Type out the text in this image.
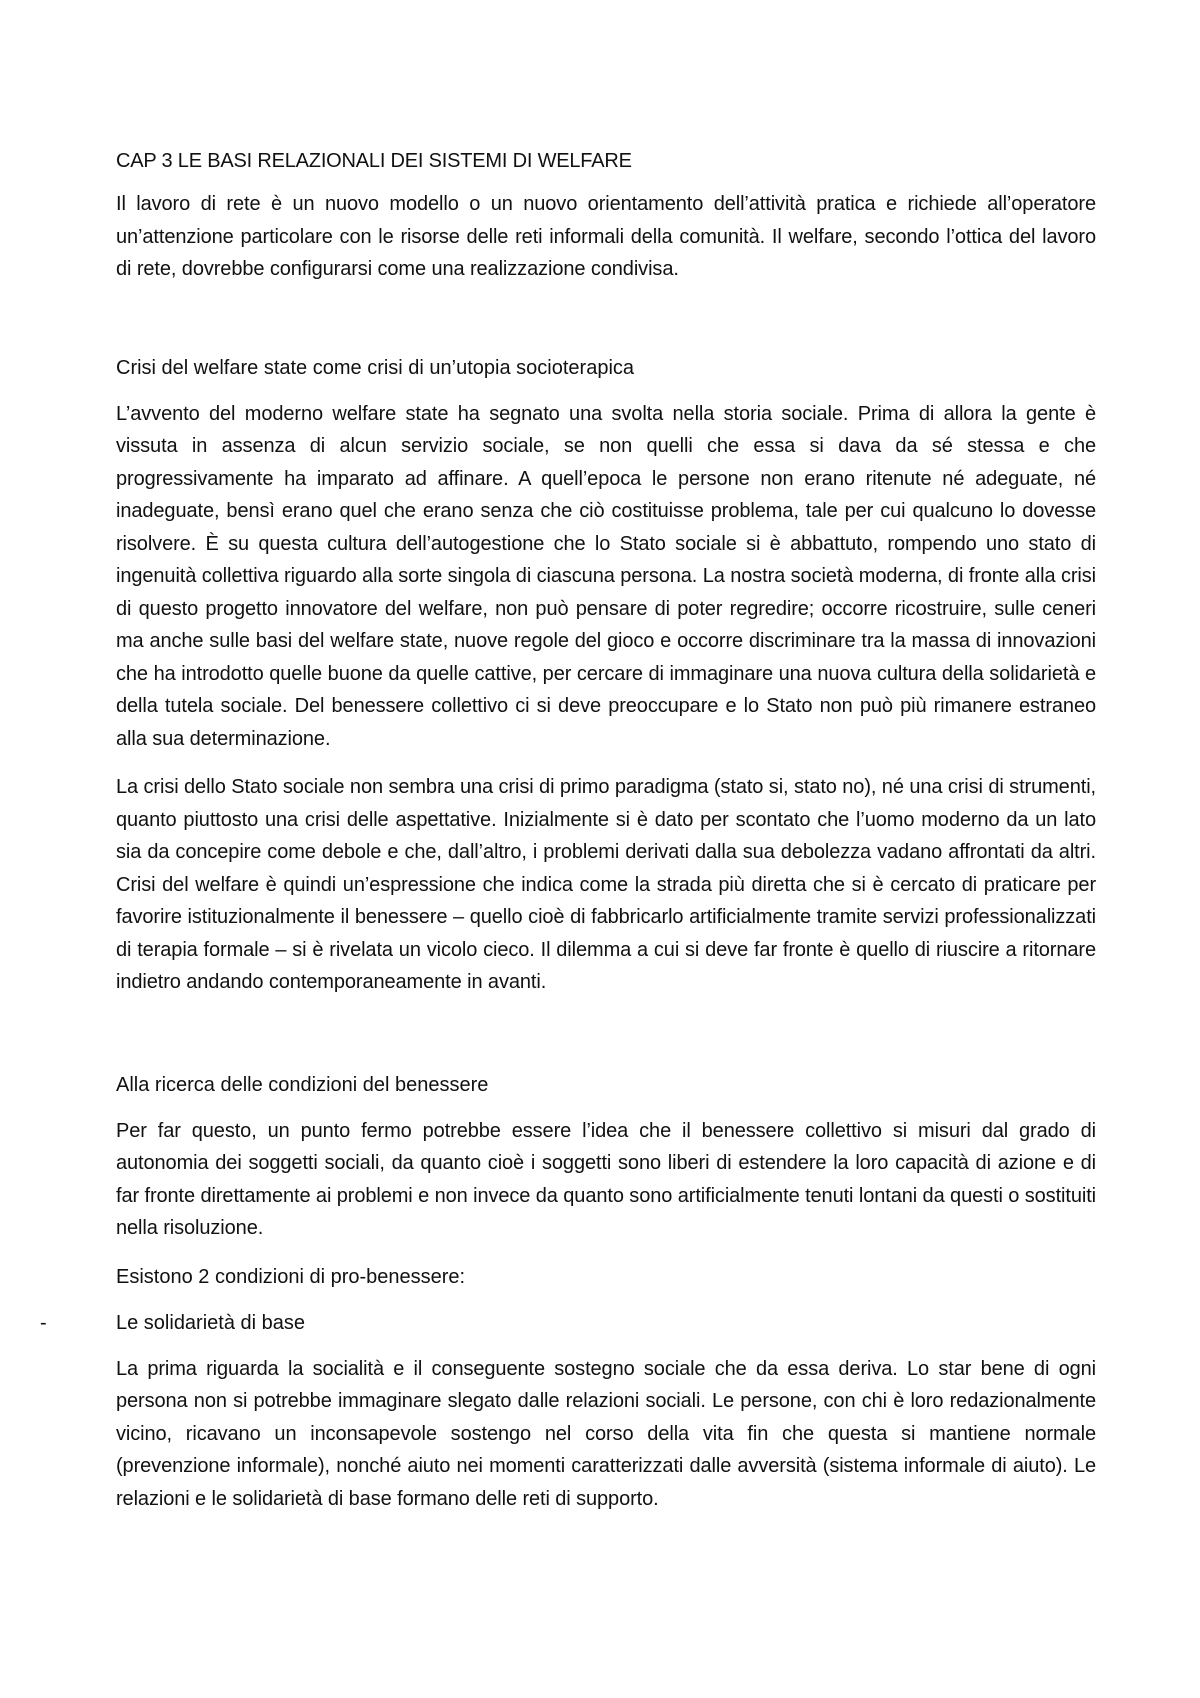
CAP 3 LE BASI RELAZIONALI DEI SISTEMI DI WELFARE

Il lavoro di rete è un nuovo modello o un nuovo orientamento dell’attività pratica e richiede all’operatore un’attenzione particolare con le risorse delle reti informali della comunità. Il welfare, secondo l’ottica del lavoro di rete, dovrebbe configurarsi come una realizzazione condivisa.

Crisi del welfare state come crisi di un’utopia socioterapica

L’avvento del moderno welfare state ha segnato una svolta nella storia sociale. Prima di allora la gente è vissuta in assenza di alcun servizio sociale, se non quelli che essa si dava da sé stessa e che progressivamente ha imparato ad affinare. A quell’epoca le persone non erano ritenute né adeguate, né inadeguate, bensì erano quel che erano senza che ciò costituisse problema, tale per cui qualcuno lo dovesse risolvere. È su questa cultura dell’autogestione che lo Stato sociale si è abbattuto, rompendo uno stato di ingenuità collettiva riguardo alla sorte singola di ciascuna persona. La nostra società moderna, di fronte alla crisi di questo progetto innovatore del welfare, non può pensare di poter regredire; occorre ricostruire, sulle ceneri ma anche sulle basi del welfare state, nuove regole del gioco e occorre discriminare tra la massa di innovazioni che ha introdotto quelle buone da quelle cattive, per cercare di immaginare una nuova cultura della solidarietà e della tutela sociale. Del benessere collettivo ci si deve preoccupare e lo Stato non può più rimanere estraneo alla sua determinazione.

La crisi dello Stato sociale non sembra una crisi di primo paradigma (stato si, stato no), né una crisi di strumenti, quanto piuttosto una crisi delle aspettative. Inizialmente si è dato per scontato che l’uomo moderno da un lato sia da concepire come debole e che, dall’altro, i problemi derivati dalla sua debolezza vadano affrontati da altri. Crisi del welfare è quindi un’espressione che indica come la strada più diretta che si è cercato di praticare per favorire istituzionalmente il benessere – quello cioè di fabbricarlo artificialmente tramite servizi professionalizzati di terapia formale – si è rivelata un vicolo cieco. Il dilemma a cui si deve far fronte è quello di riuscire a ritornare indietro andando contemporaneamente in avanti.

Alla ricerca delle condizioni del benessere

Per far questo, un punto fermo potrebbe essere l’idea che il benessere collettivo si misuri dal grado di autonomia dei soggetti sociali, da quanto cioè i soggetti sono liberi di estendere la loro capacità di azione e di far fronte direttamente ai problemi e non invece da quanto sono artificialmente tenuti lontani da questi o sostituiti nella risoluzione.

Esistono 2 condizioni di pro-benessere:
-	Le solidarietà di base

La prima riguarda la socialità e il conseguente sostegno sociale che da essa deriva. Lo star bene di ogni persona non si potrebbe immaginare slegato dalle relazioni sociali. Le persone, con chi è loro redazionalmente vicino, ricavano un inconsapevole sostengo nel corso della vita fin che questa si mantiene normale (prevenzione informale), nonché aiuto nei momenti caratterizzati dalle avversità (sistema informale di aiuto). Le relazioni e le solidarietà di base formano delle reti di supporto.
